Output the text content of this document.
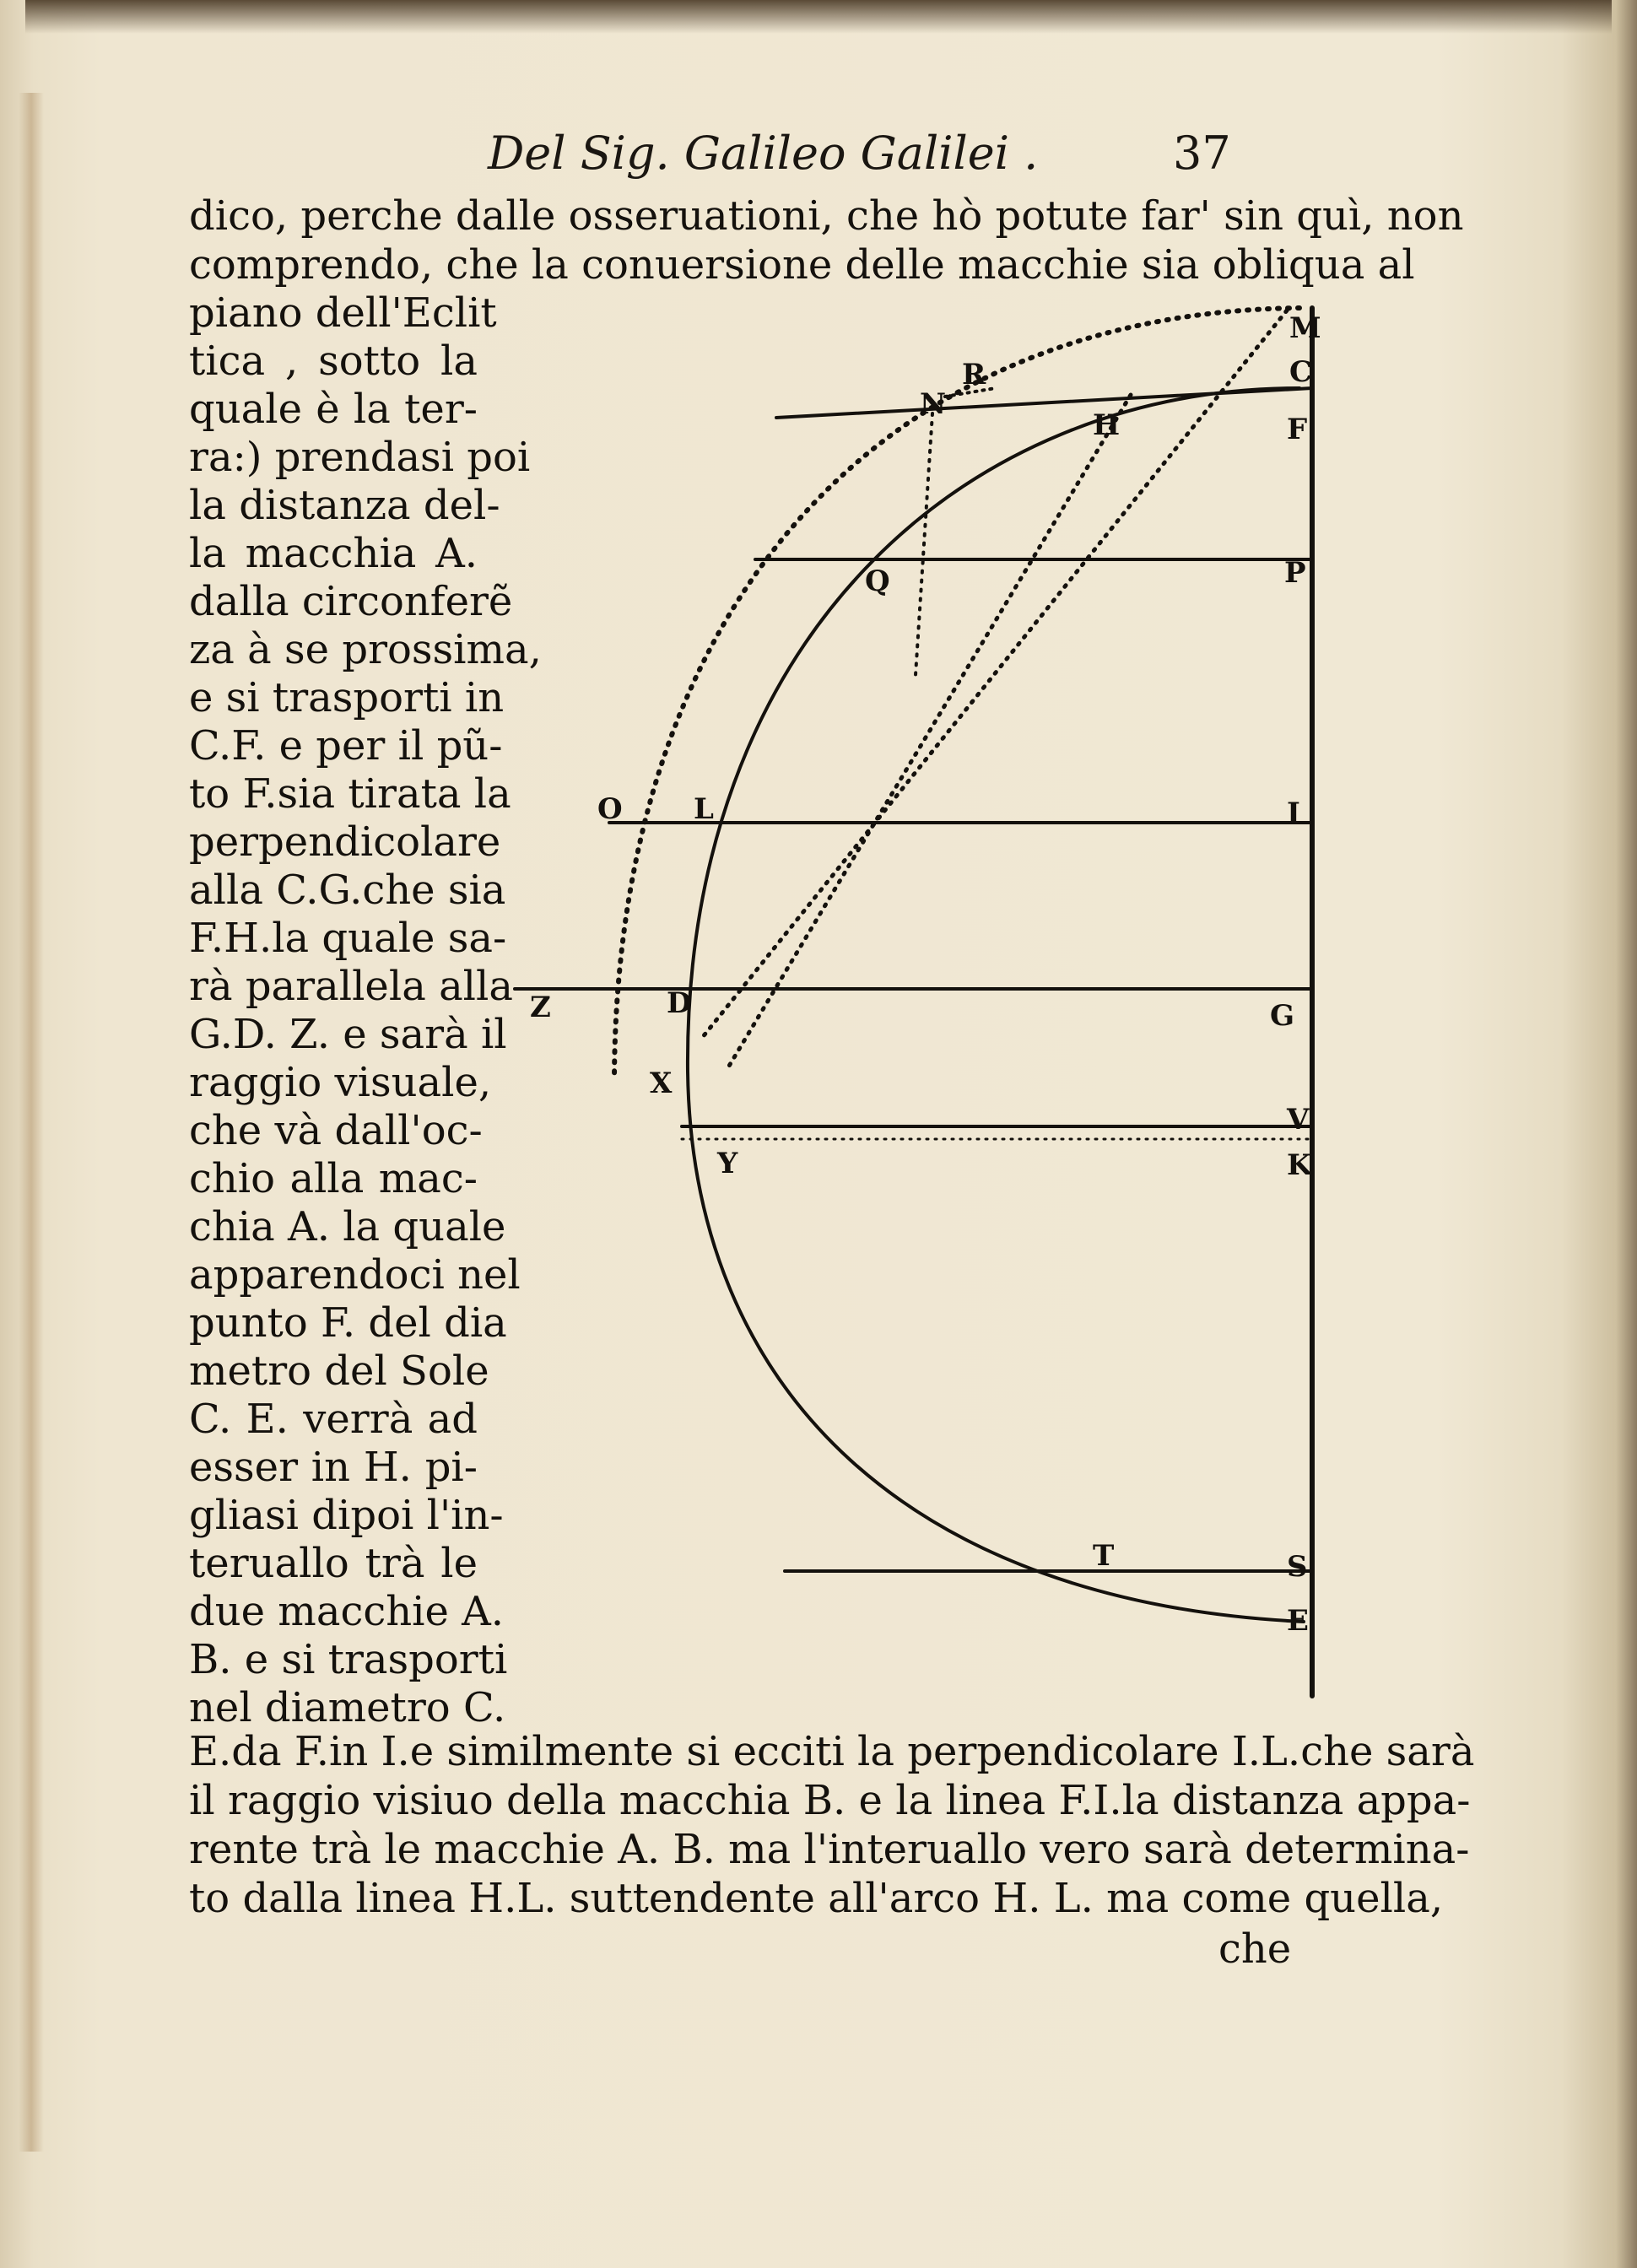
Del Sig. Galileo Galilei .	37
dico, perche dalle osseruationi, che hò potute far' sin quì, non
comprendo, che la conuersione delle macchie sia obliqua al
piano dell'Eclit
tica , sotto la
quale è la ter-
ra:) prendasi poi
la distanza del-
la macchia A.
dalla circonferẽ
za à se prossima,
e si trasporti in
C.F. e per il pũ-
to F.sia tirata la
perpendicolare
alla C.G.che sia
F.H.la quale sa-
rà parallela alla
G.D. Z. e sarà il
raggio visuale,
che và dall'oc-
chio alla mac-
chia A. la quale
apparendoci nel
punto F. del dia
metro del Sole
C. E. verrà ad
esser in H. pi-
gliasi dipoi l'in-
teruallo trà le
due macchie A.
B. e si trasporti
nel diametro C.
E.da F.in I.e similmente si ecciti la perpendicolare I.L.che sarà
il raggio visiuo della macchia B. e la linea F.I.la distanza appa-
rente trà le macchie A. B. ma l'interuallo vero sarà determina-
to dalla linea H.L. suttendente all'arco H. L. ma come quella,
che
M
C
R
N
H	F
Q	P
O L	I
Z	D	G
X
V
Y	K
T	S
E
